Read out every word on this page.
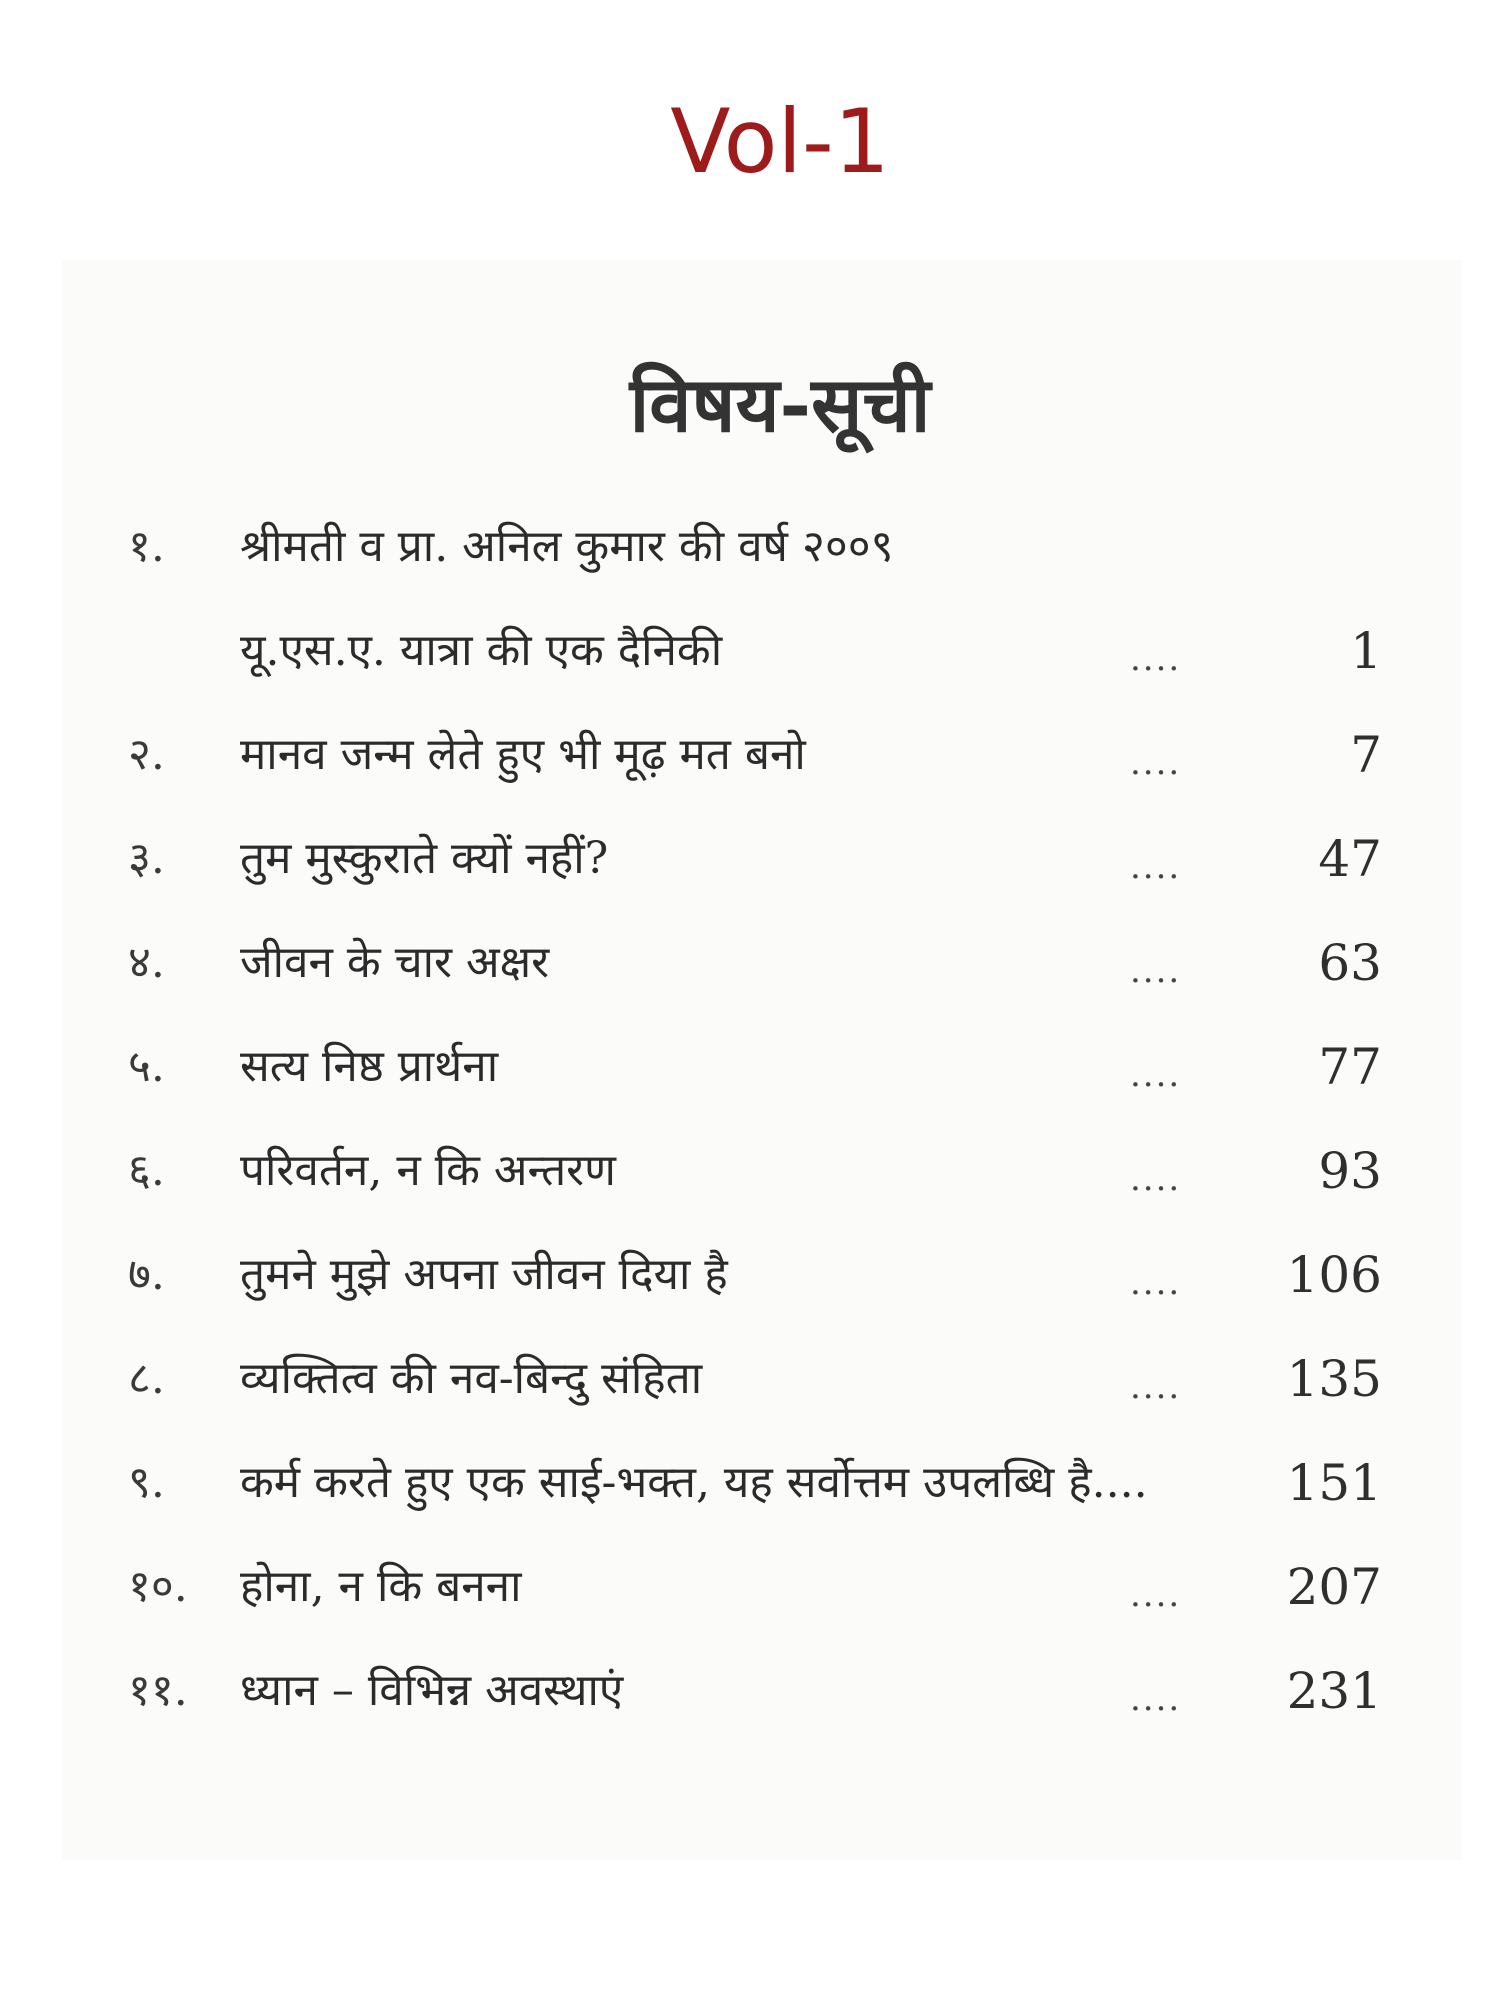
Vol-1
विषय-सूची
१. श्रीमती व प्रा. अनिल कुमार की वर्ष २००९
यू.एस.ए. यात्रा की एक दैनिकी	....	1
२. मानव जन्म लेते हुए भी मूढ़ मत बनो	....	7
३. तुम मुस्कुराते क्यों नहीं?	....	47
४. जीवन के चार अक्षर	....	63
५. सत्य निष्ठ प्रार्थना	....	77
६. परिवर्तन, न कि अन्तरण	....	93
७. तुमने मुझे अपना जीवन दिया है	.... 106
८. व्यक्तित्व की नव-बिन्दु संहिता	.... 135
९. कर्म करते हुए एक साई-भक्त, यह सर्वोत्तम उपलब्धि है....	151
१०. होना, न कि बनना	.... 207
११. ध्यान – विभिन्न अवस्थाएं	.... 231
